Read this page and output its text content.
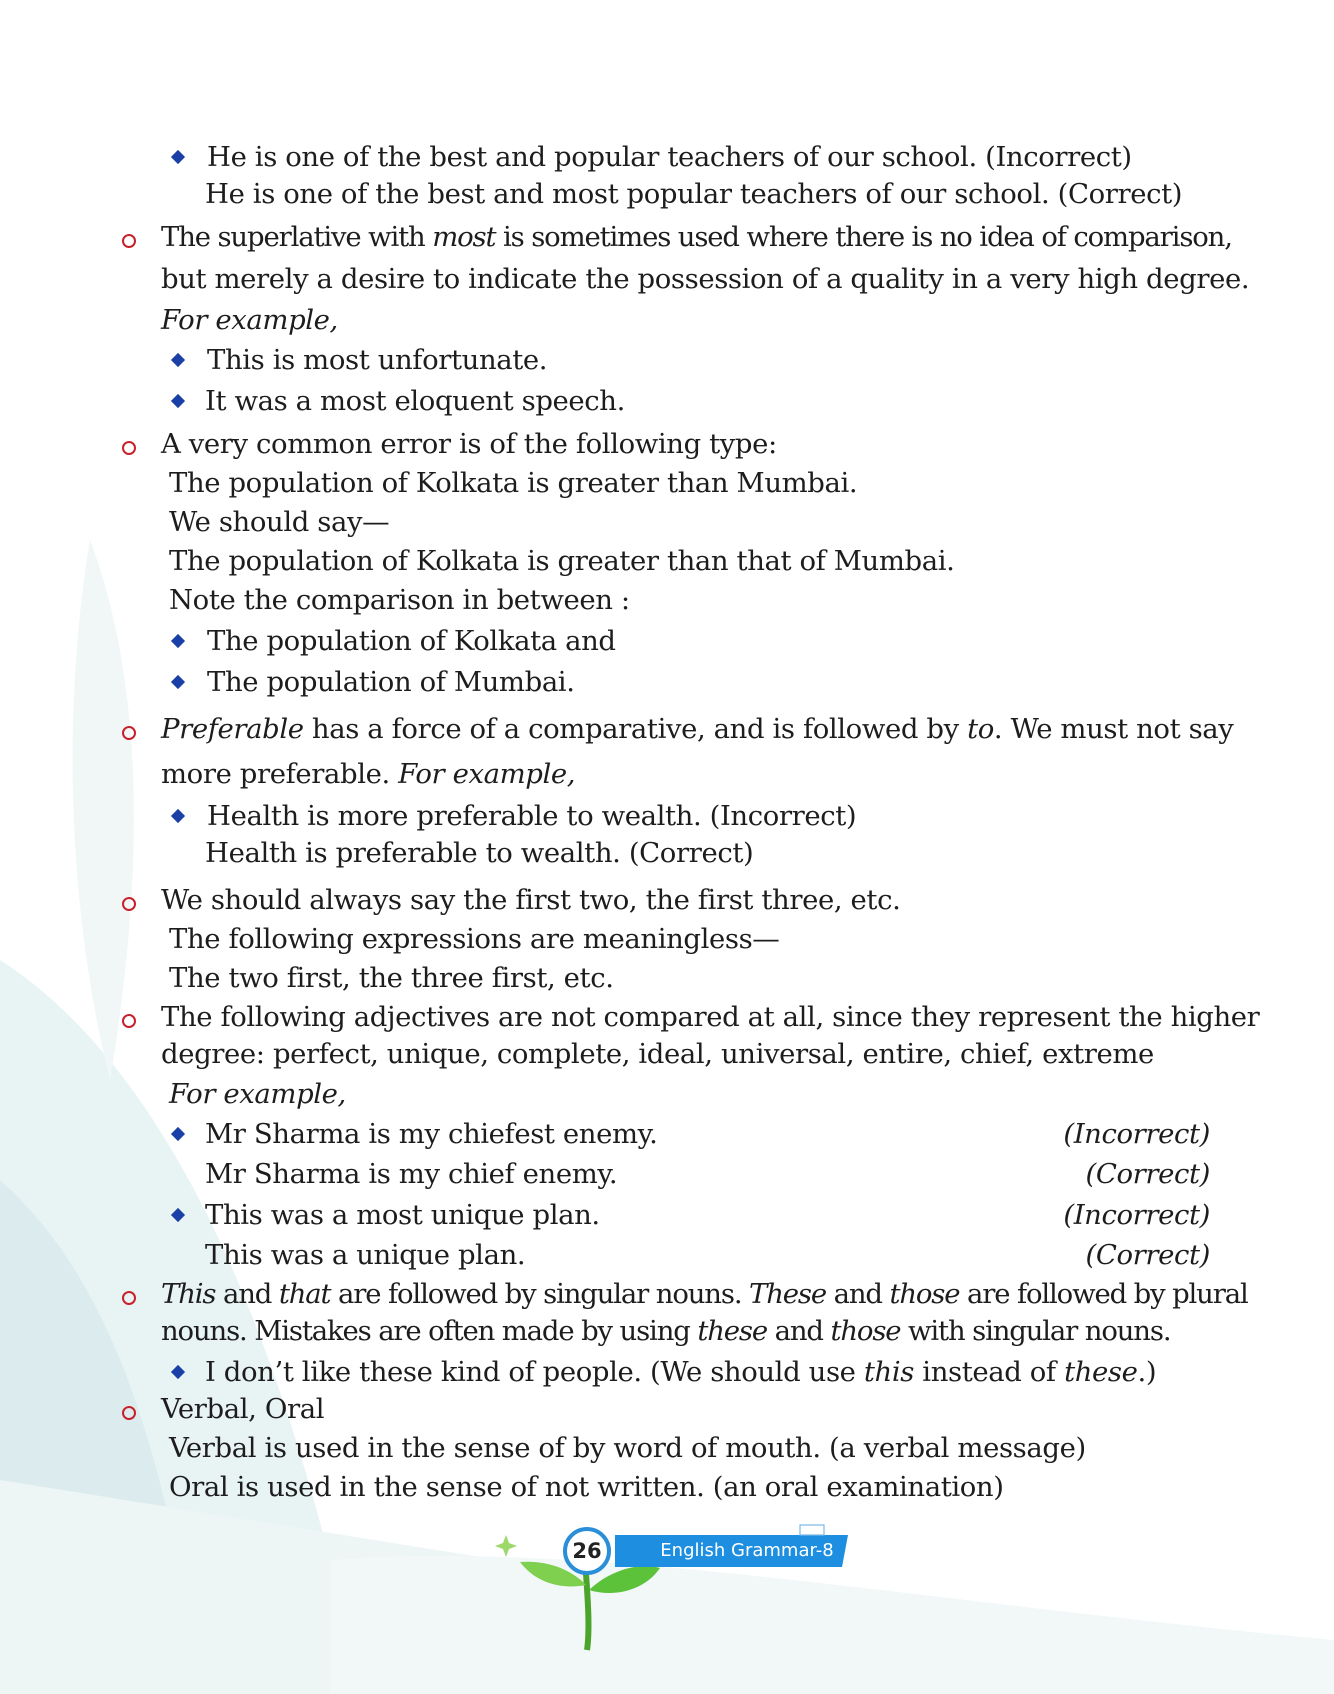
He is one of the best and popular teachers of our school. (Incorrect)
He is one of the best and most popular teachers of our school. (Correct)
The superlative with most is sometimes used where there is no idea of comparison,
but merely a desire to indicate the possession of a quality in a very high degree.
For example,
This is most unfortunate.
It was a most eloquent speech.
A very common error is of the following type:
The population of Kolkata is greater than Mumbai.
We should say—
The population of Kolkata is greater than that of Mumbai.
Note the comparison in between :
The population of Kolkata and
The population of Mumbai.
Preferable has a force of a comparative, and is followed by to. We must not say
more preferable. For example,
Health is more preferable to wealth. (Incorrect)
Health is preferable to wealth. (Correct)
We should always say the first two, the first three, etc.
The following expressions are meaningless—
The two first, the three first, etc.
The following adjectives are not compared at all, since they represent the higher
degree: perfect, unique, complete, ideal, universal, entire, chief, extreme
For example,
Mr Sharma is my chiefest enemy.	(Incorrect)
Mr Sharma is my chief enemy.	(Correct)
This was a most unique plan.	(Incorrect)
This was a unique plan.	(Correct)
This and that are followed by singular nouns. These and those are followed by plural
nouns. Mistakes are often made by using these and those with singular nouns.
I don’t like these kind of people. (We should use this instead of these.)
Verbal, Oral
Verbal is used in the sense of by word of mouth. (a verbal message)
Oral is used in the sense of not written. (an oral examination)
26	English Grammar-8
